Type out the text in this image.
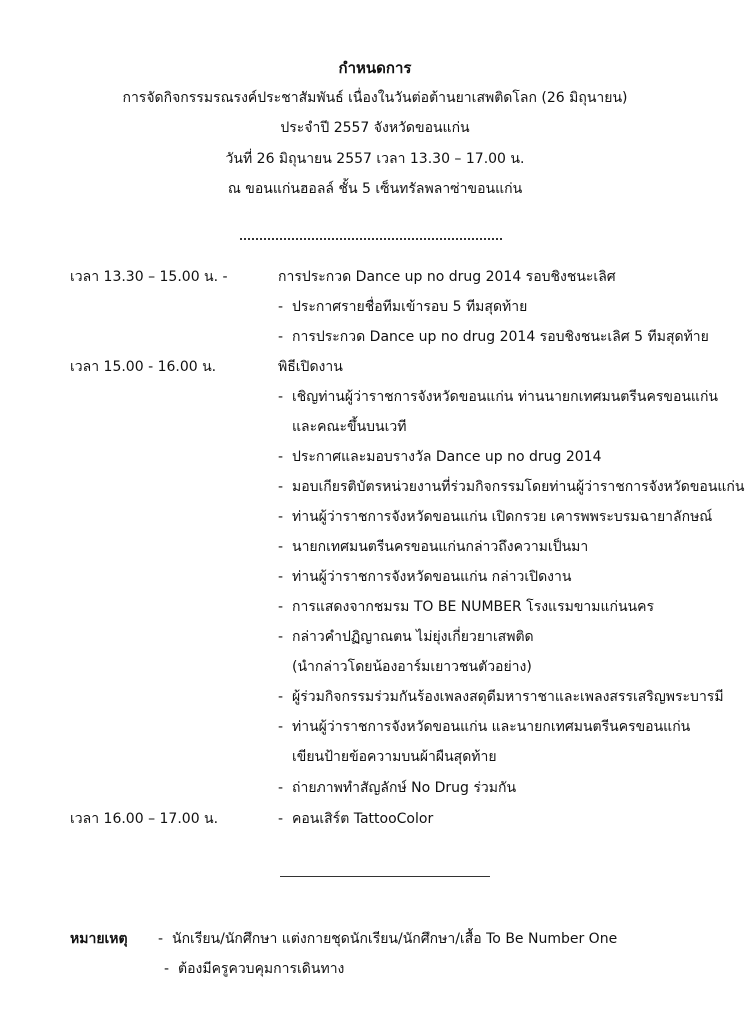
กำหนดการ
การจัดกิจกรรมรณรงค์ประชาสัมพันธ์ เนื่องในวันต่อต้านยาเสพติดโลก (26 มิถุนายน)
ประจำปี 2557 จังหวัดขอนแก่น
วันที่ 26 มิถุนายน 2557 เวลา 13.30 – 17.00 น.
ณ ขอนแก่นฮอลล์ ชั้น 5 เซ็นทรัลพลาซ่าขอนแก่น
เวลา 13.30 – 15.00 น. -	การประกวด Dance up no drug 2014 รอบชิงชนะเลิศ
- ประกาศรายชื่อทีมเข้ารอบ 5 ทีมสุดท้าย
- การประกวด Dance up no drug 2014 รอบชิงชนะเลิศ 5 ทีมสุดท้าย
เวลา 15.00 - 16.00 น.	พิธีเปิดงาน
- เชิญท่านผู้ว่าราชการจังหวัดขอนแก่น ท่านนายกเทศมนตรีนครขอนแก่น
และคณะขึ้นบนเวที
- ประกาศและมอบรางวัล Dance up no drug 2014
- มอบเกียรติบัตรหน่วยงานที่ร่วมกิจกรรมโดยท่านผู้ว่าราชการจังหวัดขอนแก่น
- ท่านผู้ว่าราชการจังหวัดขอนแก่น เปิดกรวย เคารพพระบรมฉายาลักษณ์
- นายกเทศมนตรีนครขอนแก่นกล่าวถึงความเป็นมา
- ท่านผู้ว่าราชการจังหวัดขอนแก่น กล่าวเปิดงาน
- การแสดงจากชมรม TO BE NUMBER โรงแรมขามแก่นนคร
- กล่าวคำปฏิญาณตน ไม่ยุ่งเกี่ยวยาเสพติด
(นำกล่าวโดยน้องอาร์มเยาวชนตัวอย่าง)
- ผู้ร่วมกิจกรรมร่วมกันร้องเพลงสดุดีมหาราชาและเพลงสรรเสริญพระบารมี
- ท่านผู้ว่าราชการจังหวัดขอนแก่น และนายกเทศมนตรีนครขอนแก่น
เขียนป้ายข้อความบนผ้าผืนสุดท้าย
- ถ่ายภาพทำสัญลักษ์ No Drug ร่วมกัน
เวลา 16.00 – 17.00 น.	- คอนเสิร์ต TattooColor
หมายเหตุ - นักเรียน/นักศึกษา แต่งกายชุดนักเรียน/นักศึกษา/เสื้อ To Be Number One
- ต้องมีครูควบคุมการเดินทาง
